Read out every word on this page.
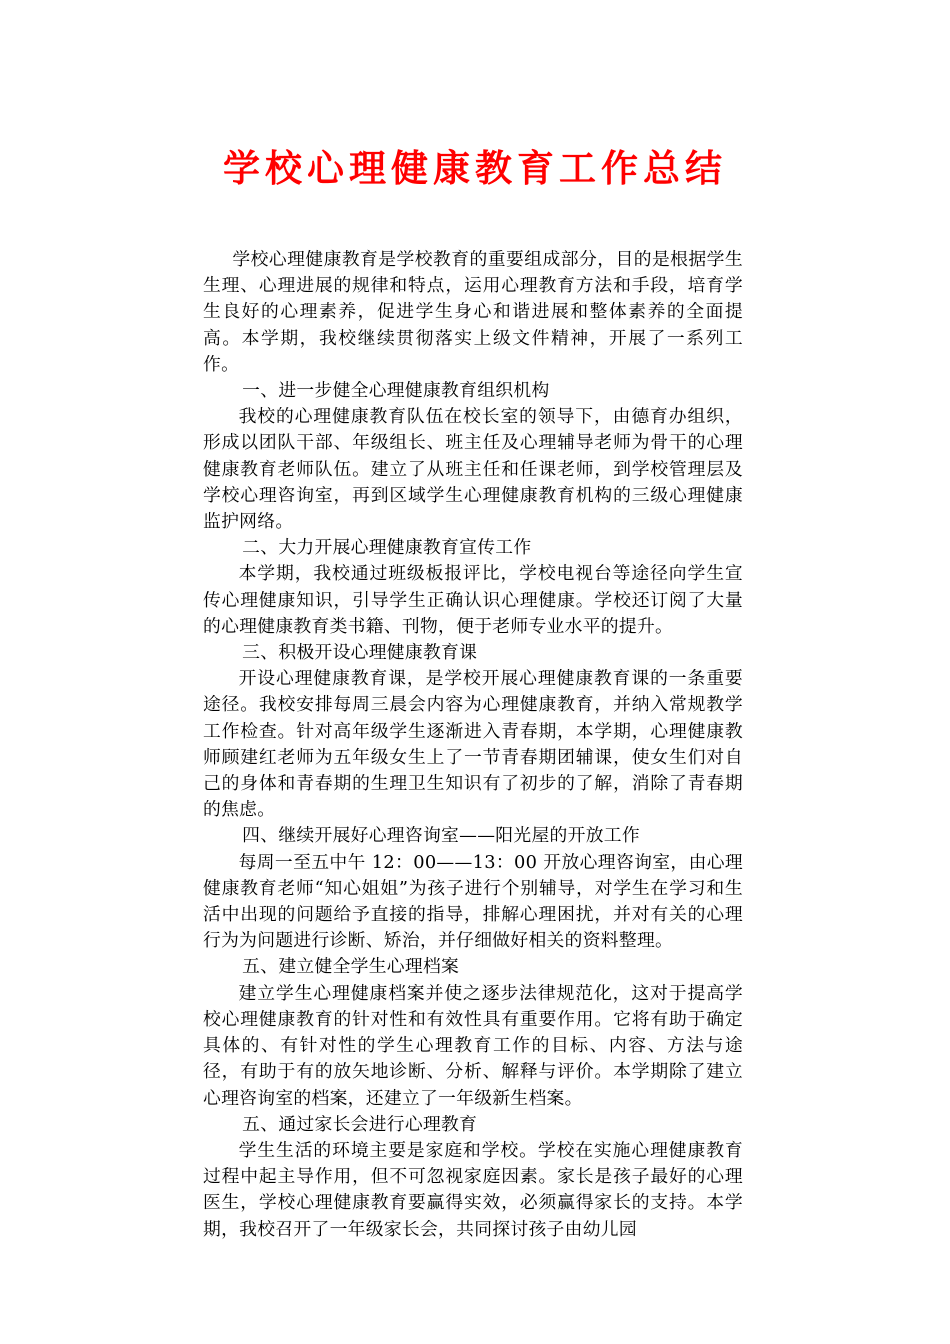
学校心理健康教育工作总结

学校心理健康教育是学校教育的重要组成部分，目的是根据学生生理、心理进展的规律和特点，运用心理教育方法和手段，培育学生良好的心理素养，促进学生身心和谐进展和整体素养的全面提高。本学期，我校继续贯彻落实上级文件精神，开展了一系列工作。

一、进一步健全心理健康教育组织机构

我校的心理健康教育队伍在校长室的领导下，由德育办组织，形成以团队干部、年级组长、班主任及心理辅导老师为骨干的心理健康教育老师队伍。建立了从班主任和任课老师，到学校管理层及学校心理咨询室，再到区域学生心理健康教育机构的三级心理健康监护网络。

二、大力开展心理健康教育宣传工作

本学期，我校通过班级板报评比，学校电视台等途径向学生宣传心理健康知识，引导学生正确认识心理健康。学校还订阅了大量的心理健康教育类书籍、刊物，便于老师专业水平的提升。

三、积极开设心理健康教育课

开设心理健康教育课，是学校开展心理健康教育课的一条重要途径。我校安排每周三晨会内容为心理健康教育，并纳入常规教学工作检查。针对高年级学生逐渐进入青春期，本学期，心理健康教师顾建红老师为五年级女生上了一节青春期团辅课，使女生们对自己的身体和青春期的生理卫生知识有了初步的了解，消除了青春期的焦虑。

四、继续开展好心理咨询室——阳光屋的开放工作

每周一至五中午 12：00——13：00 开放心理咨询室，由心理健康教育老师“知心姐姐”为孩子进行个别辅导，对学生在学习和生活中出现的问题给予直接的指导，排解心理困扰，并对有关的心理行为为问题进行诊断、矫治，并仔细做好相关的资料整理。

五、建立健全学生心理档案

建立学生心理健康档案并使之逐步法律规范化，这对于提高学校心理健康教育的针对性和有效性具有重要作用。它将有助于确定具体的、有针对性的学生心理教育工作的目标、内容、方法与途径，有助于有的放矢地诊断、分析、解释与评价。本学期除了建立心理咨询室的档案，还建立了一年级新生档案。

五、通过家长会进行心理教育

学生生活的环境主要是家庭和学校。学校在实施心理健康教育过程中起主导作用，但不可忽视家庭因素。家长是孩子最好的心理医生，学校心理健康教育要赢得实效，必须赢得家长的支持。本学期，我校召开了一年级家长会，共同探讨孩子由幼儿园
